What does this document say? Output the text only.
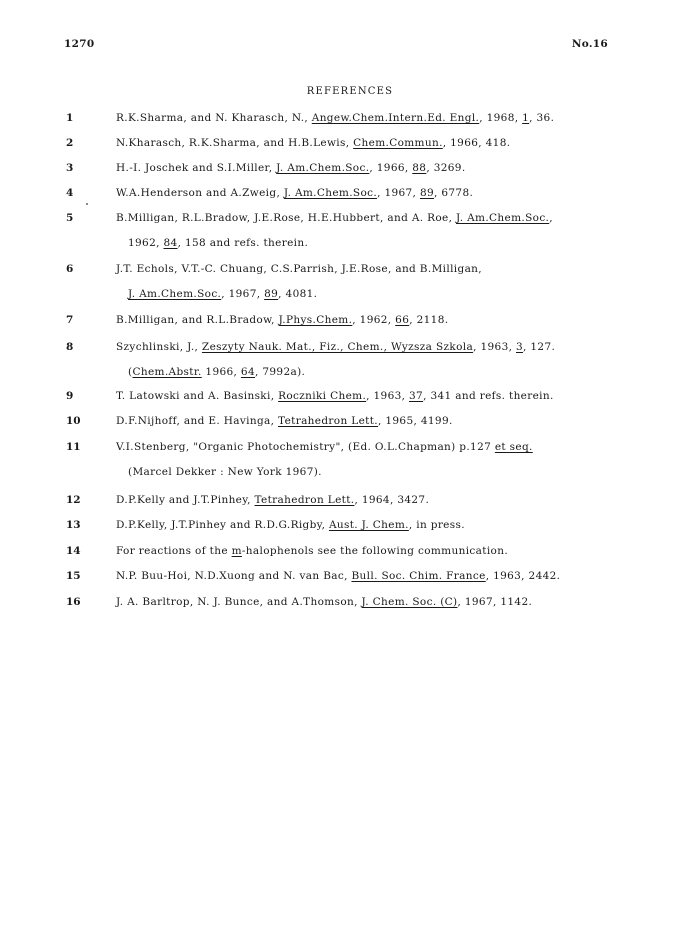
1270	No.16
REFERENCES
1	R.K.Sharma, and N. Kharasch, N., Angew.Chem.Intern.Ed. Engl., 1968, 1, 36.
2	N.Kharasch, R.K.Sharma, and H.B.Lewis, Chem.Commun., 1966, 418.
3	H.-I. Joschek and S.I.Miller, J. Am.Chem.Soc., 1966, 88, 3269.
4	W.A.Henderson and A.Zweig, J. Am.Chem.Soc., 1967, 89, 6778.
5	B.Milligan, R.L.Bradow, J.E.Rose, H.E.Hubbert, and A. Roe, J. Am.Chem.Soc.,
1962, 84, 158 and refs. therein.
6	J.T. Echols, V.T.-C. Chuang, C.S.Parrish, J.E.Rose, and B.Milligan,
J. Am.Chem.Soc., 1967, 89, 4081.
7	B.Milligan, and R.L.Bradow, J.Phys.Chem., 1962, 66, 2118.
8	Szychlinski, J., Zeszyty Nauk. Mat., Fiz., Chem., Wyzsza Szkola, 1963, 3, 127.
(Chem.Abstr. 1966, 64, 7992a).
9	T. Latowski and A. Basinski, Roczniki Chem., 1963, 37, 341 and refs. therein.
10	D.F.Nijhoff, and E. Havinga, Tetrahedron Lett., 1965, 4199.
11	V.I.Stenberg, "Organic Photochemistry", (Ed. O.L.Chapman) p.127 et seq.
(Marcel Dekker : New York 1967).
12	D.P.Kelly and J.T.Pinhey, Tetrahedron Lett., 1964, 3427.
13	D.P.Kelly, J.T.Pinhey and R.D.G.Rigby, Aust. J. Chem., in press.
14	For reactions of the m-halophenols see the following communication.
15	N.P. Buu-Hoi, N.D.Xuong and N. van Bac, Bull. Soc. Chim. France, 1963, 2442.
16	J. A. Barltrop, N. J. Bunce, and A.Thomson, J. Chem. Soc. (C), 1967, 1142.
